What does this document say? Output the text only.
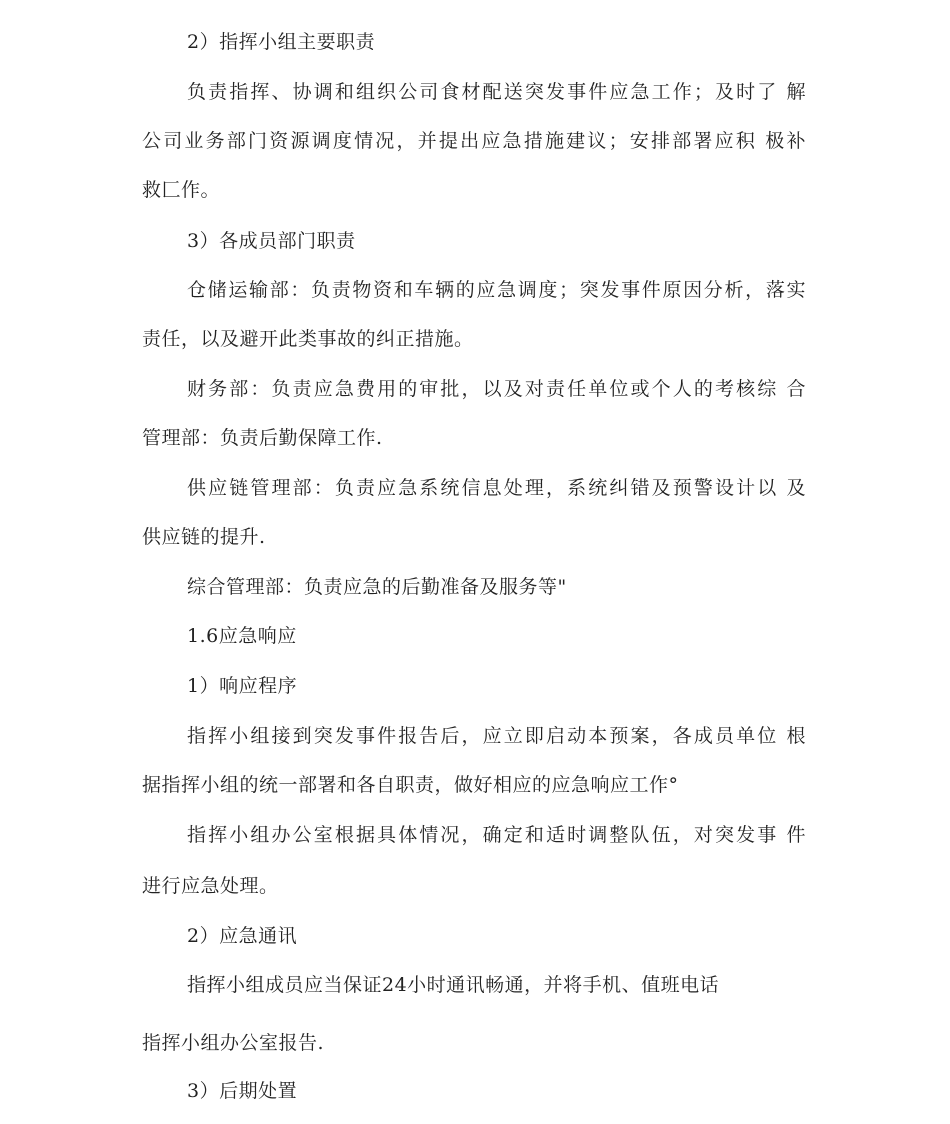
2）指挥小组主要职责
负责指挥、协调和组织公司食材配送突发事件应急工作；及时了 解
公司业务部门资源调度情况，并提出应急措施建议；安排部署应积 极补
救匚作。
3）各成员部门职责
仓储运输部：负责物资和车辆的应急调度；突发事件原因分析，落实
责任，以及避开此类事故的纠正措施。
财务部：负责应急费用的审批，以及对责任单位或个人的考核综 合
管理部：负责后勤保障工作.
供应链管理部：负责应急系统信息处理，系统纠错及预警设计以 及
供应链的提升.
综合管理部：负责应急的后勤准备及服务等"
1.6应急响应
1）响应程序
指挥小组接到突发事件报告后，应立即启动本预案，各成员单位 根
据指挥小组的统一部署和各自职责，做好相应的应急响应工作°
指挥小组办公室根据具体情况，确定和适时调整队伍，对突发事 件
进行应急处理。
2）应急通讯
指挥小组成员应当保证24小时通讯畅通，并将手机、值班电话
指挥小组办公室报告.
3）后期处置
